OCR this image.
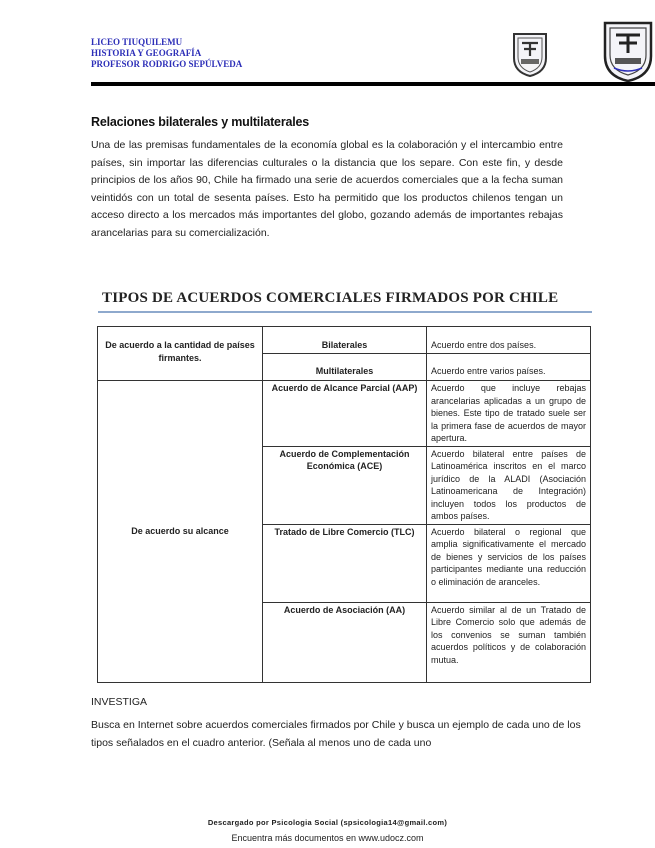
LICEO TIUQUILEMU
HISTORIA Y GEOGRAFÍA
PROFESOR RODRIGO SEPÚLVEDA
Relaciones bilaterales y multilaterales
Una de las premisas fundamentales de la economía global es la colaboración y el intercambio entre países, sin importar las diferencias culturales o la distancia que los separe. Con este fin, y desde principios de los años 90, Chile ha firmado una serie de acuerdos comerciales que a la fecha suman veintidós con un total de sesenta países. Esto ha permitido que los productos chilenos tengan un acceso directo a los mercados más importantes del globo, gozando además de importantes rebajas arancelarias para su comercialización.
TIPOS DE ACUERDOS COMERCIALES FIRMADOS POR CHILE
De acuerdo a la cantidad de países firmantes.	Bilaterales	Acuerdo entre dos países.
	Multilaterales	Acuerdo entre varios países.
De acuerdo su alcance	Acuerdo de Alcance Parcial (AAP)	Acuerdo que incluye rebajas arancelarias aplicadas a un grupo de bienes. Este tipo de tratado suele ser la primera fase de acuerdos de mayor apertura.
	Acuerdo de Complementación Económica (ACE)	Acuerdo bilateral entre países de Latinoamérica inscritos en el marco jurídico de la ALADI (Asociación Latinoamericana de Integración) incluyen todos los productos de ambos países.
	Tratado de Libre Comercio (TLC)	Acuerdo bilateral o regional que amplia significativamente el mercado de bienes y servicios de los países participantes mediante una reducción o eliminación de aranceles.
	Acuerdo de Asociación (AA)	Acuerdo similar al de un Tratado de Libre Comercio solo que además de los convenios se suman también acuerdos políticos y de colaboración mutua.
INVESTIGA
Busca en Internet sobre acuerdos comerciales firmados por Chile y busca un ejemplo de cada uno de los tipos señalados en el cuadro anterior. (Señala al menos uno de cada uno
Descargado por Psicologia Social (spsicologia14@gmail.com)
Encuentra más documentos en www.udocz.com
